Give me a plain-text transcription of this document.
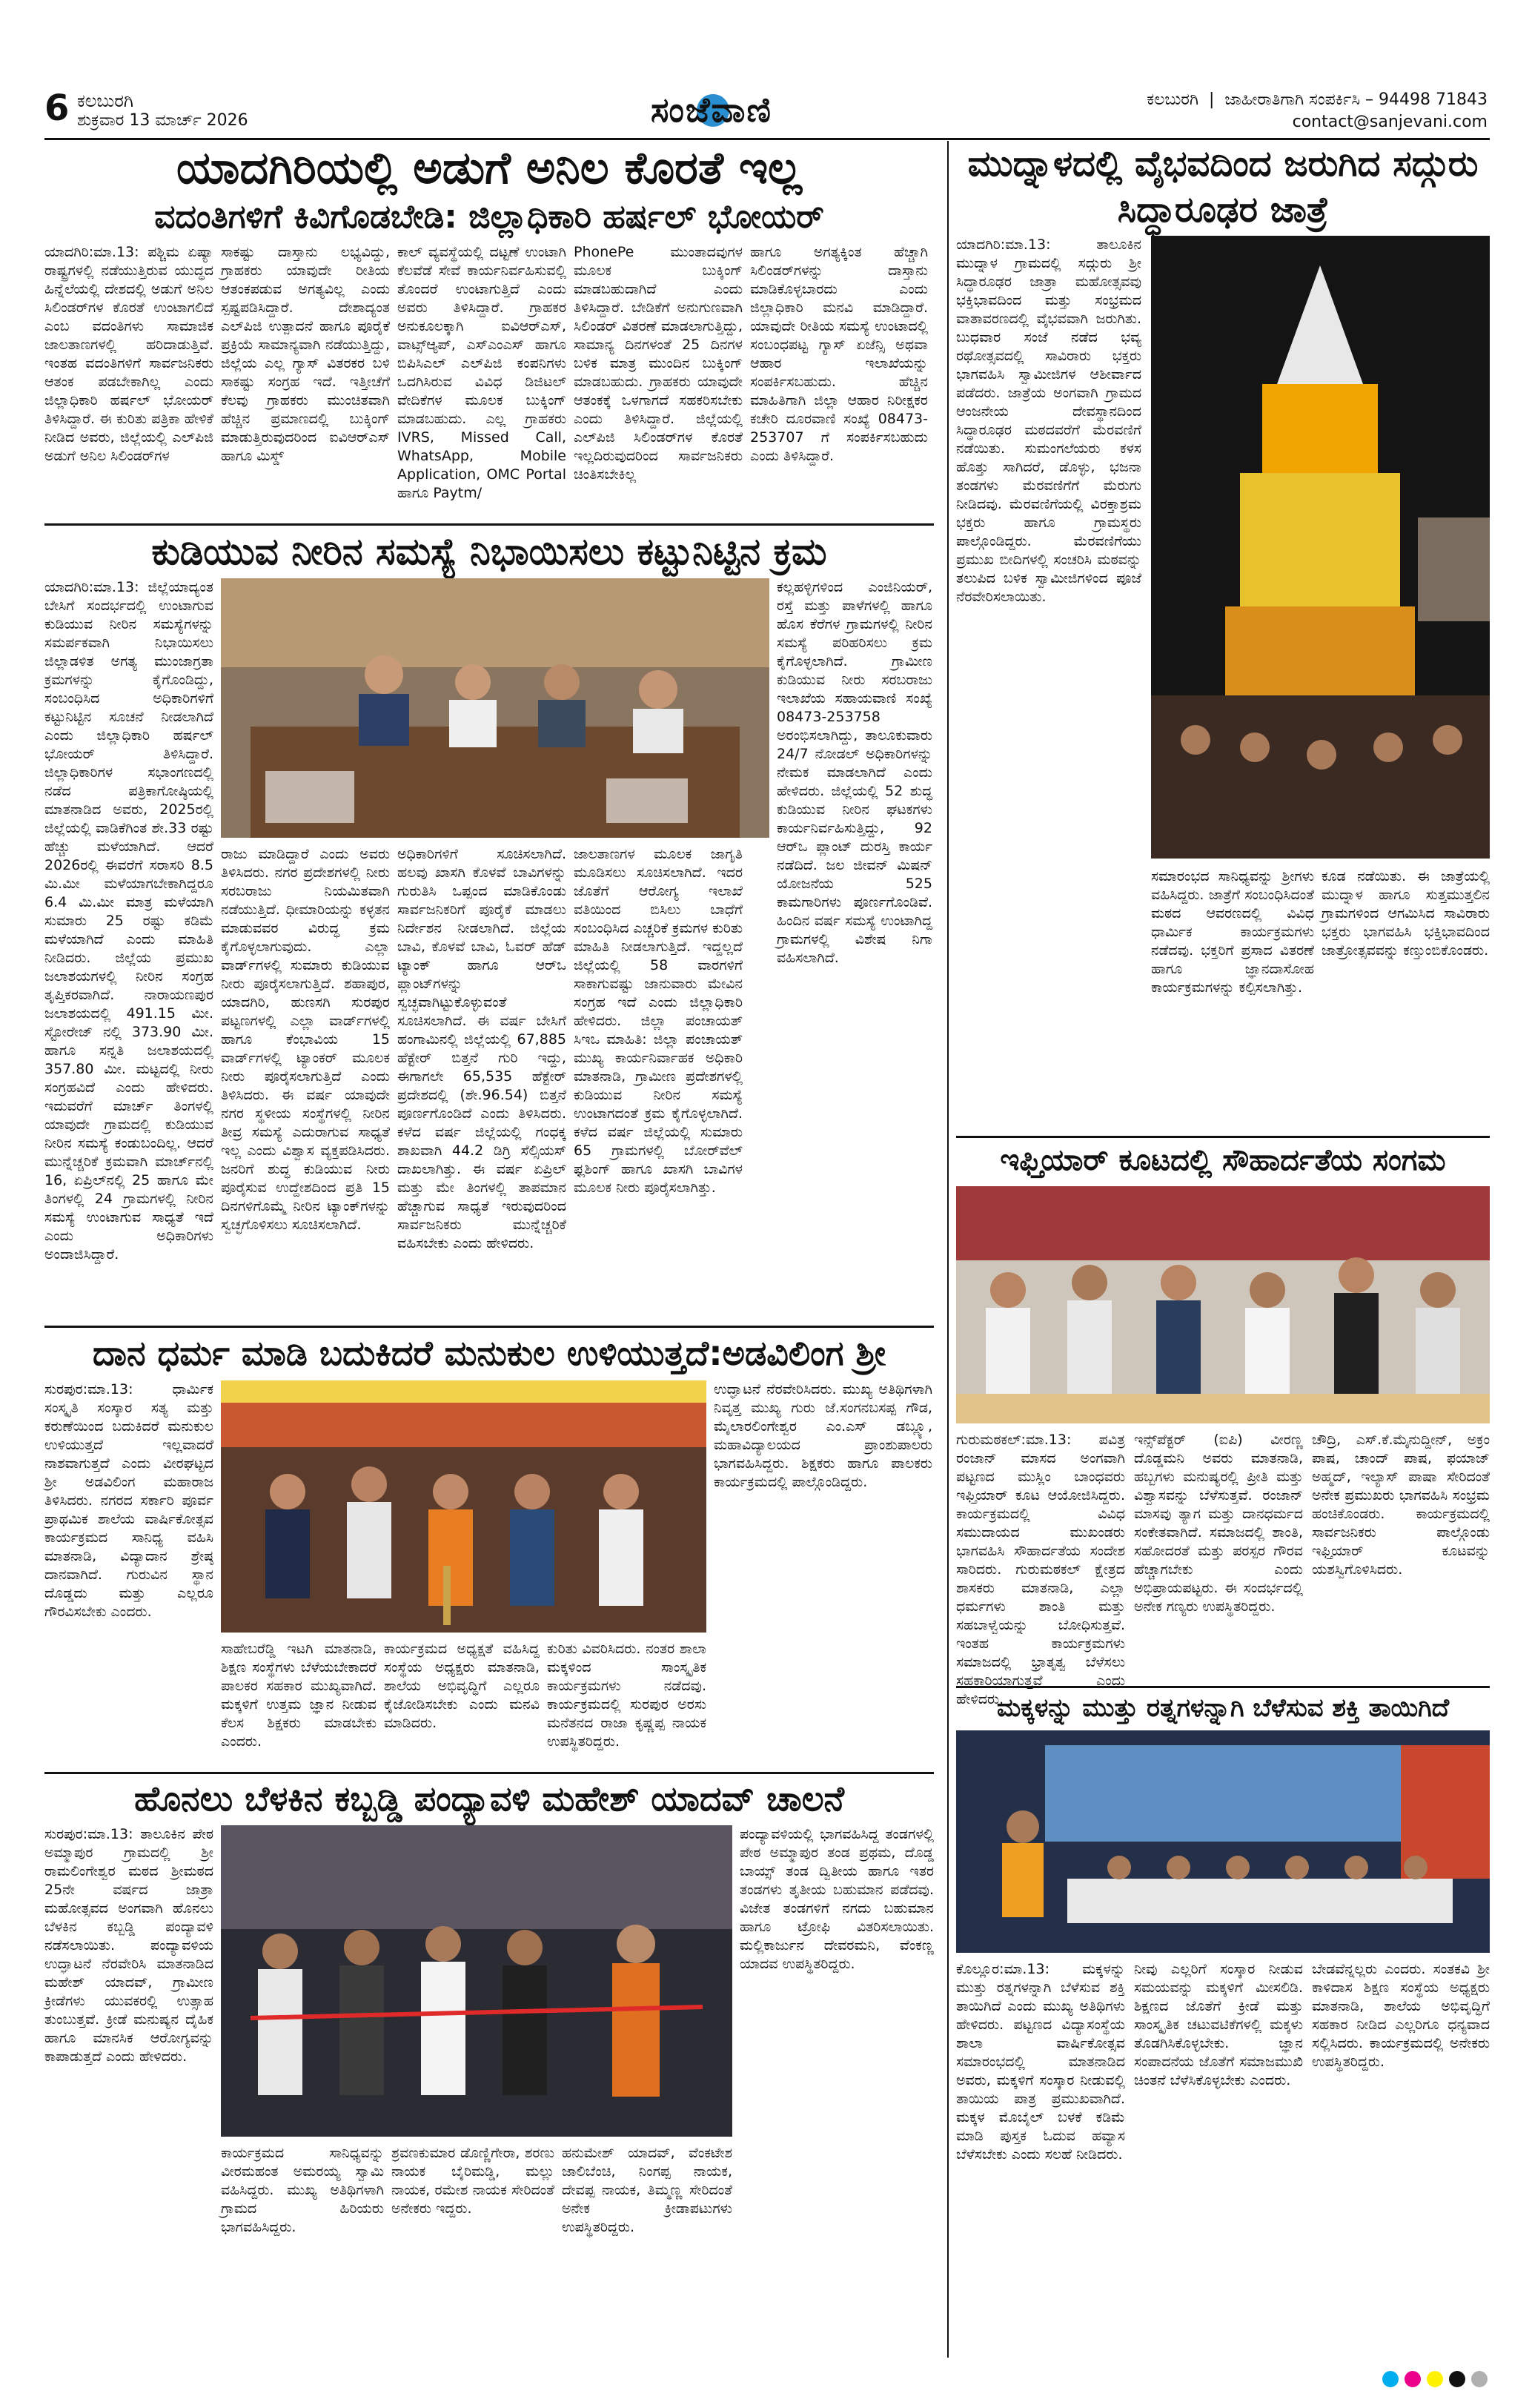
6 ಕಲಬುರಗಿ
ಶುಕ್ರವಾರ 13 ಮಾರ್ಚ್ 2026	ಸಂಜೆವಾಣಿ	ಕಲಬುರಗಿ  |  ಜಾಹೀರಾತಿಗಾಗಿ ಸಂಪರ್ಕಿಸಿ – 94498 71843
contact@sanjevani.com
ಯಾದಗಿರಿಯಲ್ಲಿ ಅಡುಗೆ ಅನಿಲ ಕೊರತೆ ಇಲ್ಲ
ವದಂತಿಗಳಿಗೆ ಕಿವಿಗೊಡಬೇಡಿ: ಜಿಲ್ಲಾಧಿಕಾರಿ ಹರ್ಷಲ್ ಭೋಯರ್
ಯಾದಗಿರಿ:ಮಾ.13: ಪಶ್ಚಿಮ ಏಷ್ಯಾ ರಾಷ್ಟ್ರಗಳಲ್ಲಿ ನಡೆಯುತ್ತಿರುವ ಯುದ್ಧದ ಹಿನ್ನೆಲೆಯಲ್ಲಿ ದೇಶದಲ್ಲಿ ಅಡುಗೆ ಅನಿಲ ಸಿಲಿಂಡರ್‌ಗಳ ಕೊರತೆ ಉಂಟಾಗಲಿದೆ ಎಂಬ ವದಂತಿಗಳು ಸಾಮಾಜಿಕ ಜಾಲತಾಣಗಳಲ್ಲಿ ಹರಿದಾಡುತ್ತಿವೆ. ಇಂತಹ ವದಂತಿಗಳಿಗೆ ಸಾರ್ವಜನಿಕರು ಆತಂಕ ಪಡಬೇಕಾಗಿಲ್ಲ ಎಂದು ಜಿಲ್ಲಾಧಿಕಾರಿ ಹರ್ಷಲ್ ಭೋಯರ್ ತಿಳಿಸಿದ್ದಾರೆ. ಈ ಕುರಿತು ಪತ್ರಿಕಾ ಹೇಳಿಕೆ ನೀಡಿದ ಅವರು, ಜಿಲ್ಲೆಯಲ್ಲಿ ಎಲ್‌ಪಿಜಿ ಅಡುಗೆ ಅನಿಲ ಸಿಲಿಂಡರ್‌ಗಳ
ಸಾಕಷ್ಟು ದಾಸ್ತಾನು ಲಭ್ಯವಿದ್ದು, ಗ್ರಾಹಕರು ಯಾವುದೇ ರೀತಿಯ ಆತಂಕಪಡುವ ಅಗತ್ಯವಿಲ್ಲ ಎಂದು ಸ್ಪಷ್ಟಪಡಿಸಿದ್ದಾರೆ. ದೇಶಾದ್ಯಂತ ಎಲ್‌ಪಿಜಿ ಉತ್ಪಾದನೆ ಹಾಗೂ ಪೂರೈಕೆ ಪ್ರಕ್ರಿಯೆ ಸಾಮಾನ್ಯವಾಗಿ ನಡೆಯುತ್ತಿದ್ದು, ಜಿಲ್ಲೆಯ ಎಲ್ಲ ಗ್ಯಾಸ್ ವಿತರಕರ ಬಳಿ ಸಾಕಷ್ಟು ಸಂಗ್ರಹ ಇದೆ. ಇತ್ತೀಚೆಗೆ ಕೆಲವು ಗ್ರಾಹಕರು ಮುಂಚಿತವಾಗಿ ಹೆಚ್ಚಿನ ಪ್ರಮಾಣದಲ್ಲಿ ಬುಕ್ಕಿಂಗ್ ಮಾಡುತ್ತಿರುವುದರಿಂದ ಐವಿಆರ್‌ಎಸ್ ಹಾಗೂ ಮಿಸ್ಡ್
ಕಾಲ್ ವ್ಯವಸ್ಥೆಯಲ್ಲಿ ದಟ್ಟಣೆ ಉಂಟಾಗಿ ಕೆಲವೆಡೆ ಸೇವೆ ಕಾರ್ಯನಿರ್ವಹಿಸುವಲ್ಲಿ ತೊಂದರೆ ಉಂಟಾಗುತ್ತಿದೆ ಎಂದು ಅವರು ತಿಳಿಸಿದ್ದಾರೆ. ಗ್ರಾಹಕರ ಅನುಕೂಲಕ್ಕಾಗಿ ಐವಿಆರ್‌ಎಸ್, ವಾಟ್ಸ್‌ಆ್ಯಪ್, ಎಸ್‌ಎಂಎಸ್ ಹಾಗೂ ಬಿಪಿಸಿಎಲ್ ಎಲ್‌ಪಿಜಿ ಕಂಪನಿಗಳು ಒದಗಿಸಿರುವ ವಿವಿಧ ಡಿಜಿಟಲ್ ವೇದಿಕೆಗಳ ಮೂಲಕ ಬುಕ್ಕಿಂಗ್ ಮಾಡಬಹುದು. ಎಲ್ಲ ಗ್ರಾಹಕರು IVRS, Missed Call, WhatsApp, Mobile Application, OMC Portal ಹಾಗೂ Paytm/
PhonePe ಮುಂತಾದವುಗಳ ಮೂಲಕ ಬುಕ್ಕಿಂಗ್ ಮಾಡಬಹುದಾಗಿದೆ ಎಂದು ತಿಳಿಸಿದ್ದಾರೆ. ಬೇಡಿಕೆಗೆ ಅನುಗುಣವಾಗಿ ಸಿಲಿಂಡರ್ ವಿತರಣೆ ಮಾಡಲಾಗುತ್ತಿದ್ದು, ಸಾಮಾನ್ಯ ದಿನಗಳಂತೆ 25 ದಿನಗಳ ಬಳಿಕ ಮಾತ್ರ ಮುಂದಿನ ಬುಕ್ಕಿಂಗ್ ಮಾಡಬಹುದು. ಗ್ರಾಹಕರು ಯಾವುದೇ ಆತಂಕಕ್ಕೆ ಒಳಗಾಗದೆ ಸಹಕರಿಸಬೇಕು ಎಂದು ತಿಳಿಸಿದ್ದಾರೆ. ಜಿಲ್ಲೆಯಲ್ಲಿ ಎಲ್‌ಪಿಜಿ ಸಿಲಿಂಡರ್‌ಗಳ ಕೊರತೆ ಇಲ್ಲದಿರುವುದರಿಂದ ಸಾರ್ವಜನಿಕರು ಚಿಂತಿಸಬೇಕಿಲ್ಲ
ಹಾಗೂ ಅಗತ್ಯಕ್ಕಿಂತ ಹೆಚ್ಚಾಗಿ ಸಿಲಿಂಡರ್‌ಗಳನ್ನು ದಾಸ್ತಾನು ಮಾಡಿಕೊಳ್ಳಬಾರದು ಎಂದು ಜಿಲ್ಲಾಧಿಕಾರಿ ಮನವಿ ಮಾಡಿದ್ದಾರೆ. ಯಾವುದೇ ರೀತಿಯ ಸಮಸ್ಯೆ ಉಂಟಾದಲ್ಲಿ ಸಂಬಂಧಪಟ್ಟ ಗ್ಯಾಸ್ ಏಜೆನ್ಸಿ ಅಥವಾ ಆಹಾರ ಇಲಾಖೆಯನ್ನು ಸಂಪರ್ಕಿಸಬಹುದು. ಹೆಚ್ಚಿನ ಮಾಹಿತಿಗಾಗಿ ಜಿಲ್ಲಾ ಆಹಾರ ನಿರೀಕ್ಷಕರ ಕಚೇರಿ ದೂರವಾಣಿ ಸಂಖ್ಯೆ 08473-253707 ಗೆ ಸಂಪರ್ಕಿಸಬಹುದು ಎಂದು ತಿಳಿಸಿದ್ದಾರೆ.
ಕುಡಿಯುವ ನೀರಿನ ಸಮಸ್ಯೆ ನಿಭಾಯಿಸಲು ಕಟ್ಟುನಿಟ್ಟಿನ ಕ್ರಮ
ಯಾದಗಿರಿ:ಮಾ.13: ಜಿಲ್ಲೆಯಾದ್ಯಂತ ಬೇಸಿಗೆ ಸಂದರ್ಭದಲ್ಲಿ ಉಂಟಾಗುವ ಕುಡಿಯುವ ನೀರಿನ ಸಮಸ್ಯೆಗಳನ್ನು ಸಮರ್ಪಕವಾಗಿ ನಿಭಾಯಿಸಲು ಜಿಲ್ಲಾಡಳಿತ ಅಗತ್ಯ ಮುಂಜಾಗ್ರತಾ ಕ್ರಮಗಳನ್ನು ಕೈಗೊಂಡಿದ್ದು, ಸಂಬಂಧಿಸಿದ ಅಧಿಕಾರಿಗಳಿಗೆ ಕಟ್ಟುನಿಟ್ಟಿನ ಸೂಚನೆ ನೀಡಲಾಗಿದೆ ಎಂದು ಜಿಲ್ಲಾಧಿಕಾರಿ ಹರ್ಷಲ್ ಭೋಯರ್ ತಿಳಿಸಿದ್ದಾರೆ. ಜಿಲ್ಲಾಧಿಕಾರಿಗಳ ಸಭಾಂಗಣದಲ್ಲಿ ನಡೆದ ಪತ್ರಿಕಾಗೋಷ್ಠಿಯಲ್ಲಿ ಮಾತನಾಡಿದ ಅವರು, 2025ರಲ್ಲಿ ಜಿಲ್ಲೆಯಲ್ಲಿ ವಾಡಿಕೆಗಿಂತ ಶೇ.33 ರಷ್ಟು ಹೆಚ್ಚು ಮಳೆಯಾಗಿದೆ. ಆದರೆ 2026ರಲ್ಲಿ ಈವರೆಗೆ ಸರಾಸರಿ 8.5 ಮಿ.ಮೀ ಮಳೆಯಾಗಬೇಕಾಗಿದ್ದರೂ 6.4 ಮಿ.ಮೀ ಮಾತ್ರ ಮಳೆಯಾಗಿ ಸುಮಾರು 25 ರಷ್ಟು ಕಡಿಮೆ ಮಳೆಯಾಗಿದೆ ಎಂದು ಮಾಹಿತಿ ನೀಡಿದರು. ಜಿಲ್ಲೆಯ ಪ್ರಮುಖ ಜಲಾಶಯಗಳಲ್ಲಿ ನೀರಿನ ಸಂಗ್ರಹ ತೃಪ್ತಿಕರವಾಗಿದೆ. ನಾರಾಯಣಪುರ ಜಲಾಶಯದಲ್ಲಿ 491.15 ಮೀ. ಸ್ಟೋರೇಜ್ ನಲ್ಲಿ 373.90 ಮೀ. ಹಾಗೂ ಸನ್ನತಿ ಜಲಾಶಯದಲ್ಲಿ 357.80 ಮೀ. ಮಟ್ಟದಲ್ಲಿ ನೀರು ಸಂಗ್ರಹವಿದೆ ಎಂದು ಹೇಳಿದರು. ಇದುವರೆಗೆ ಮಾರ್ಚ್ ತಿಂಗಳಲ್ಲಿ ಯಾವುದೇ ಗ್ರಾಮದಲ್ಲಿ ಕುಡಿಯುವ ನೀರಿನ ಸಮಸ್ಯೆ ಕಂಡುಬಂದಿಲ್ಲ. ಆದರೆ ಮುನ್ನೆಚ್ಚರಿಕೆ ಕ್ರಮವಾಗಿ ಮಾರ್ಚ್‌ನಲ್ಲಿ 16, ಏಪ್ರಿಲ್‌ನಲ್ಲಿ 25 ಹಾಗೂ ಮೇ ತಿಂಗಳಲ್ಲಿ 24 ಗ್ರಾಮಗಳಲ್ಲಿ ನೀರಿನ ಸಮಸ್ಯೆ ಉಂಟಾಗುವ ಸಾಧ್ಯತೆ ಇದೆ ಎಂದು ಅಧಿಕಾರಿಗಳು ಅಂದಾಜಿಸಿದ್ದಾರೆ.
ರಾಜು ಮಾಡಿದ್ದಾರೆ ಎಂದು ಅವರು ತಿಳಿಸಿದರು. ನಗರ ಪ್ರದೇಶಗಳಲ್ಲಿ ನೀರು ಸರಬರಾಜು ನಿಯಮಿತವಾಗಿ ನಡೆಯುತ್ತಿದೆ. ಧೀಮಾರಿಯನ್ನು ಕಳ್ಳತನ ಮಾಡುವವರ ವಿರುದ್ಧ ಕ್ರಮ ಕೈಗೊಳ್ಳಲಾಗುವುದು. ಎಲ್ಲಾ ವಾರ್ಡ್‌ಗಳಲ್ಲಿ ಸುಮಾರು ಕುಡಿಯುವ ನೀರು ಪೂರೈಸಲಾಗುತ್ತಿದೆ. ಶಹಾಪುರ, ಯಾದಗಿರಿ, ಹುಣಸಗಿ ಸುರಪುರ ಪಟ್ಟಣಗಳಲ್ಲಿ ಎಲ್ಲಾ ವಾರ್ಡ್‌ಗಳಲ್ಲಿ ಹಾಗೂ ಕೆಂಭಾವಿಯ 15 ವಾರ್ಡ್‌ಗಳಲ್ಲಿ ಟ್ಯಾಂಕರ್ ಮೂಲಕ ನೀರು ಪೂರೈಸಲಾಗುತ್ತಿದೆ ಎಂದು ತಿಳಿಸಿದರು. ಈ ವರ್ಷ ಯಾವುದೇ ನಗರ ಸ್ಥಳೀಯ ಸಂಸ್ಥೆಗಳಲ್ಲಿ ನೀರಿನ ತೀವ್ರ ಸಮಸ್ಯೆ ಎದುರಾಗುವ ಸಾಧ್ಯತೆ ಇಲ್ಲ ಎಂದು ವಿಶ್ವಾಸ ವ್ಯಕ್ತಪಡಿಸಿದರು. ಜನರಿಗೆ ಶುದ್ಧ ಕುಡಿಯುವ ನೀರು ಪೂರೈಸುವ ಉದ್ದೇಶದಿಂದ ಪ್ರತಿ 15 ದಿನಗಳಿಗೊಮ್ಮೆ ನೀರಿನ ಟ್ಯಾಂಕ್‌ಗಳನ್ನು ಸ್ವಚ್ಛಗೊಳಿಸಲು ಸೂಚಿಸಲಾಗಿದೆ.
ಅಧಿಕಾರಿಗಳಿಗೆ ಸೂಚಿಸಲಾಗಿದೆ. ಹಲವು ಖಾಸಗಿ ಕೊಳವೆ ಬಾವಿಗಳನ್ನು ಗುರುತಿಸಿ ಒಪ್ಪಂದ ಮಾಡಿಕೊಂಡು ಸಾರ್ವಜನಿಕರಿಗೆ ಪೂರೈಕೆ ಮಾಡಲು ನಿರ್ದೇಶನ ನೀಡಲಾಗಿದೆ. ಜಿಲ್ಲೆಯ ಬಾವಿ, ಕೊಳವೆ ಬಾವಿ, ಓವರ್ ಹೆಡ್ ಟ್ಯಾಂಕ್ ಹಾಗೂ ಆರ್‌ಒ ಪ್ಲಾಂಟ್‌ಗಳನ್ನು ಸ್ವಚ್ಛವಾಗಿಟ್ಟುಕೊಳ್ಳುವಂತೆ ಸೂಚಿಸಲಾಗಿದೆ. ಈ ವರ್ಷ ಬೇಸಿಗೆ ಹಂಗಾಮಿನಲ್ಲಿ ಜಿಲ್ಲೆಯಲ್ಲಿ 67,885 ಹೆಕ್ಟೇರ್ ಬಿತ್ತನೆ ಗುರಿ ಇದ್ದು, ಈಗಾಗಲೇ 65,535 ಹೆಕ್ಟೇರ್ ಪ್ರದೇಶದಲ್ಲಿ (ಶೇ.96.54) ಬಿತ್ತನೆ ಪೂರ್ಣಗೊಂಡಿದೆ ಎಂದು ತಿಳಿಸಿದರು. ಕಳೆದ ವರ್ಷ ಜಿಲ್ಲೆಯಲ್ಲಿ ಗಂಧಕ್ಕ ಶಾಖವಾಗಿ 44.2 ಡಿಗ್ರಿ ಸೆಲ್ಸಿಯಸ್ ದಾಖಲಾಗಿತ್ತು. ಈ ವರ್ಷ ಏಪ್ರಿಲ್ ಮತ್ತು ಮೇ ತಿಂಗಳಲ್ಲಿ ತಾಪಮಾನ ಹೆಚ್ಚಾಗುವ ಸಾಧ್ಯತೆ ಇರುವುದರಿಂದ ಸಾರ್ವಜನಿಕರು ಮುನ್ನೆಚ್ಚರಿಕೆ ವಹಿಸಬೇಕು ಎಂದು ಹೇಳಿದರು.
ಜಾಲತಾಣಗಳ ಮೂಲಕ ಜಾಗೃತಿ ಮೂಡಿಸಲು ಸೂಚಿಸಲಾಗಿದೆ. ಇದರ ಜೊತೆಗೆ ಆರೋಗ್ಯ ಇಲಾಖೆ ವತಿಯಿಂದ ಬಿಸಿಲು ಬಾಧೆಗೆ ಸಂಬಂಧಿಸಿದ ಎಚ್ಚರಿಕೆ ಕ್ರಮಗಳ ಕುರಿತು ಮಾಹಿತಿ ನೀಡಲಾಗುತ್ತಿದೆ. ಇದ್ದಲ್ಲದೆ ಜಿಲ್ಲೆಯಲ್ಲಿ 58 ವಾರಗಳಿಗೆ ಸಾಕಾಗುವಷ್ಟು ಜಾನುವಾರು ಮೇವಿನ ಸಂಗ್ರಹ ಇದೆ ಎಂದು ಜಿಲ್ಲಾಧಿಕಾರಿ ಹೇಳಿದರು. ಜಿಲ್ಲಾ ಪಂಚಾಯತ್ ಸಿಇಒ ಮಾಹಿತಿ: ಜಿಲ್ಲಾ ಪಂಚಾಯತ್ ಮುಖ್ಯ ಕಾರ್ಯನಿರ್ವಾಹಕ ಅಧಿಕಾರಿ ಮಾತನಾಡಿ, ಗ್ರಾಮೀಣ ಪ್ರದೇಶಗಳಲ್ಲಿ ಕುಡಿಯುವ ನೀರಿನ ಸಮಸ್ಯೆ ಉಂಟಾಗದಂತೆ ಕ್ರಮ ಕೈಗೊಳ್ಳಲಾಗಿದೆ. ಕಳೆದ ವರ್ಷ ಜಿಲ್ಲೆಯಲ್ಲಿ ಸುಮಾರು 65 ಗ್ರಾಮಗಳಲ್ಲಿ ಬೋರ್‌ವೆಲ್ ಫ್ಲಶಿಂಗ್ ಹಾಗೂ ಖಾಸಗಿ ಬಾವಿಗಳ ಮೂಲಕ ನೀರು ಪೂರೈಸಲಾಗಿತ್ತು.
ಕಲ್ಲಹಳ್ಳಿಗಳಿಂದ ಎಂಜಿನಿಯರ್, ರಸ್ತೆ ಮತ್ತು ಪಾಳೆಗಳಲ್ಲಿ ಹಾಗೂ ಹೊಸ ಕೆರೆಗಳ ಗ್ರಾಮಗಳಲ್ಲಿ ನೀರಿನ ಸಮಸ್ಯೆ ಪರಿಹರಿಸಲು ಕ್ರಮ ಕೈಗೊಳ್ಳಲಾಗಿದೆ. ಗ್ರಾಮೀಣ ಕುಡಿಯುವ ನೀರು ಸರಬರಾಜು ಇಲಾಖೆಯ ಸಹಾಯವಾಣಿ ಸಂಖ್ಯೆ 08473-253758 ಅರಂಭಿಸಲಾಗಿದ್ದು, ತಾಲೂಕುವಾರು 24/7 ನೋಡಲ್ ಅಧಿಕಾರಿಗಳನ್ನು ನೇಮಕ ಮಾಡಲಾಗಿದೆ ಎಂದು ಹೇಳಿದರು. ಜಿಲ್ಲೆಯಲ್ಲಿ 52 ಶುದ್ಧ ಕುಡಿಯುವ ನೀರಿನ ಘಟಕಗಳು ಕಾರ್ಯನಿರ್ವಹಿಸುತ್ತಿದ್ದು, 92 ಆರ್‌ಒ ಪ್ಲಾಂಟ್ ದುರಸ್ತಿ ಕಾರ್ಯ ನಡೆದಿದೆ. ಜಲ ಜೀವನ್ ಮಿಷನ್ ಯೋಜನೆಯ 525 ಕಾಮಗಾರಿಗಳು ಪೂರ್ಣಗೊಂಡಿವೆ. ಹಿಂದಿನ ವರ್ಷ ಸಮಸ್ಯೆ ಉಂಟಾಗಿದ್ದ ಗ್ರಾಮಗಳಲ್ಲಿ ವಿಶೇಷ ನಿಗಾ ವಹಿಸಲಾಗಿದೆ.
ದಾನ ಧರ್ಮ ಮಾಡಿ ಬದುಕಿದರೆ ಮನುಕುಲ ಉಳಿಯುತ್ತದೆ:ಅಡವಿಲಿಂಗ ಶ್ರೀ
ಸುರಪುರ:ಮಾ.13: ಧಾರ್ಮಿಕ ಸಂಸ್ಕೃತಿ ಸಂಸ್ಕಾರ ಸತ್ಯ ಮತ್ತು ಕರುಣೆಯಿಂದ ಬದುಕಿದರೆ ಮನುಕುಲ ಉಳಿಯುತ್ತದೆ ಇಲ್ಲವಾದರೆ ನಾಶವಾಗುತ್ತದೆ ಎಂದು ವೀರಘಟ್ಟದ ಶ್ರೀ ಅಡವಿಲಿಂಗ ಮಹಾರಾಜ ತಿಳಿಸಿದರು. ನಗರದ ಸರ್ಕಾರಿ ಪೂರ್ವ ಪ್ರಾಥಮಿಕ ಶಾಲೆಯ ವಾರ್ಷಿಕೋತ್ಸವ ಕಾರ್ಯಕ್ರಮದ ಸಾನಿಧ್ಯ ವಹಿಸಿ ಮಾತನಾಡಿ, ವಿದ್ಯಾದಾನ ಶ್ರೇಷ್ಠ ದಾನವಾಗಿದೆ. ಗುರುವಿನ ಸ್ಥಾನ ದೊಡ್ಡದು ಮತ್ತು ಎಲ್ಲರೂ ಗೌರವಿಸಬೇಕು ಎಂದರು.
ಸಾಹೇಬರೆಡ್ಡಿ ಇಟಗಿ ಮಾತನಾಡಿ, ಶಿಕ್ಷಣ ಸಂಸ್ಥೆಗಳು ಬೆಳೆಯಬೇಕಾದರೆ ಪಾಲಕರ ಸಹಕಾರ ಮುಖ್ಯವಾಗಿದೆ. ಮಕ್ಕಳಿಗೆ ಉತ್ತಮ ಜ್ಞಾನ ನೀಡುವ ಕೆಲಸ ಶಿಕ್ಷಕರು ಮಾಡಬೇಕು ಎಂದರು.
ಕಾರ್ಯಕ್ರಮದ ಅಧ್ಯಕ್ಷತೆ ವಹಿಸಿದ್ದ ಸಂಸ್ಥೆಯ ಅಧ್ಯಕ್ಷರು ಮಾತನಾಡಿ, ಶಾಲೆಯ ಅಭಿವೃದ್ಧಿಗೆ ಎಲ್ಲರೂ ಕೈಜೋಡಿಸಬೇಕು ಎಂದು ಮನವಿ ಮಾಡಿದರು.
ಕುರಿತು ವಿವರಿಸಿದರು. ನಂತರ ಶಾಲಾ ಮಕ್ಕಳಿಂದ ಸಾಂಸ್ಕೃತಿಕ ಕಾರ್ಯಕ್ರಮಗಳು ನಡೆದವು. ಕಾರ್ಯಕ್ರಮದಲ್ಲಿ ಸುರಪುರ ಅರಸು ಮನೆತನದ ರಾಜಾ ಕೃಷ್ಣಪ್ಪ ನಾಯಕ ಉಪಸ್ಥಿತರಿದ್ದರು.
ಉದ್ಘಾಟನೆ ನೆರವೇರಿಸಿದರು. ಮುಖ್ಯ ಅತಿಥಿಗಳಾಗಿ ನಿವೃತ್ತ ಮುಖ್ಯ ಗುರು ಜೆ.ಸಂಗನಬಸಪ್ಪ ಗೌಡ, ಮೈಲಾರಲಿಂಗೇಶ್ವರ ಎಂ.ಎಸ್ ಡಬ್ಲ್ಯೂ, ಮಹಾವಿದ್ಯಾಲಯದ ಪ್ರಾಂಶುಪಾಲರು ಭಾಗವಹಿಸಿದ್ದರು. ಶಿಕ್ಷಕರು ಹಾಗೂ ಪಾಲಕರು ಕಾರ್ಯಕ್ರಮದಲ್ಲಿ ಪಾಲ್ಗೊಂಡಿದ್ದರು.
ಹೊನಲು ಬೆಳಕಿನ ಕಬ್ಬಡ್ಡಿ ಪಂದ್ಯಾವಳಿ ಮಹೇಶ್ ಯಾದವ್ ಚಾಲನೆ
ಸುರಪುರ:ಮಾ.13: ತಾಲೂಕಿನ ಪೇಠ ಅಮ್ಮಾಪುರ ಗ್ರಾಮದಲ್ಲಿ ಶ್ರೀ ರಾಮಲಿಂಗೇಶ್ವರ ಮಠದ ಶ್ರೀಮಠದ 25ನೇ ವರ್ಷದ ಜಾತ್ರಾ ಮಹೋತ್ಸವದ ಅಂಗವಾಗಿ ಹೊನಲು ಬೆಳಕಿನ ಕಬ್ಬಡ್ಡಿ ಪಂದ್ಯಾವಳಿ ನಡೆಸಲಾಯಿತು. ಪಂದ್ಯಾವಳಿಯ ಉದ್ಘಾಟನೆ ನೆರವೇರಿಸಿ ಮಾತನಾಡಿದ ಮಹೇಶ್ ಯಾದವ್, ಗ್ರಾಮೀಣ ಕ್ರೀಡೆಗಳು ಯುವಕರಲ್ಲಿ ಉತ್ಸಾಹ ತುಂಬುತ್ತವೆ. ಕ್ರೀಡೆ ಮನುಷ್ಯನ ದೈಹಿಕ ಹಾಗೂ ಮಾನಸಿಕ ಆರೋಗ್ಯವನ್ನು ಕಾಪಾಡುತ್ತದೆ ಎಂದು ಹೇಳಿದರು.
ಕಾರ್ಯಕ್ರಮದ ಸಾನಿಧ್ಯವನ್ನು ವೀರಮಹಂತ ಅಮರಯ್ಯ ಸ್ವಾಮಿ ವಹಿಸಿದ್ದರು. ಮುಖ್ಯ ಅತಿಥಿಗಳಾಗಿ ಗ್ರಾಮದ ಹಿರಿಯರು ಭಾಗವಹಿಸಿದ್ದರು.
ಶ್ರವಣಕುಮಾರ ಡೊಣ್ಣಿಗೇರಾ, ಶರಣು ನಾಯಕ ಬೈರಿಮಡ್ಡಿ, ಮಲ್ಲು ನಾಯಕ, ರಮೇಶ ನಾಯಕ ಸೇರಿದಂತೆ ಅನೇಕರು ಇದ್ದರು.
ಹನುಮೇಶ್ ಯಾದವ್, ವೆಂಕಟೇಶ ಜಾಲಿಬೆಂಚಿ, ನಿಂಗಪ್ಪ ನಾಯಕ, ದೇವಪ್ಪ ನಾಯಕ, ತಿಮ್ಮಣ್ಣ ಸೇರಿದಂತೆ ಅನೇಕ ಕ್ರೀಡಾಪಟುಗಳು ಉಪಸ್ಥಿತರಿದ್ದರು.
ಪಂದ್ಯಾವಳಿಯಲ್ಲಿ ಭಾಗವಹಿಸಿದ್ದ ತಂಡಗಳಲ್ಲಿ ಪೇಠ ಅಮ್ಮಾಪುರ ತಂಡ ಪ್ರಥಮ, ದೊಡ್ಡ ಬಾಯ್ಸ್ ತಂಡ ದ್ವಿತೀಯ ಹಾಗೂ ಇತರ ತಂಡಗಳು ತೃತೀಯ ಬಹುಮಾನ ಪಡೆದವು. ವಿಜೇತ ತಂಡಗಳಿಗೆ ನಗದು ಬಹುಮಾನ ಹಾಗೂ ಟ್ರೋಫಿ ವಿತರಿಸಲಾಯಿತು. ಮಲ್ಲಿಕಾರ್ಜುನ ದೇವರಮನಿ, ವೆಂಕಣ್ಣ ಯಾದವ ಉಪಸ್ಥಿತರಿದ್ದರು.
ಮುದ್ನಾಳದಲ್ಲಿ ವೈಭವದಿಂದ ಜರುಗಿದ ಸದ್ಗುರು ಸಿದ್ಧಾರೂಢರ ಜಾತ್ರೆ
ಯಾದಗಿರಿ:ಮಾ.13: ತಾಲೂಕಿನ ಮುದ್ನಾಳ ಗ್ರಾಮದಲ್ಲಿ ಸದ್ಗುರು ಶ್ರೀ ಸಿದ್ಧಾರೂಢರ ಜಾತ್ರಾ ಮಹೋತ್ಸವವು ಭಕ್ತಿಭಾವದಿಂದ ಮತ್ತು ಸಂಭ್ರಮದ ವಾತಾವರಣದಲ್ಲಿ ವೈಭವವಾಗಿ ಜರುಗಿತು. ಬುಧವಾರ ಸಂಜೆ ನಡೆದ ಭವ್ಯ ರಥೋತ್ಸವದಲ್ಲಿ ಸಾವಿರಾರು ಭಕ್ತರು ಭಾಗವಹಿಸಿ ಸ್ವಾಮೀಜಿಗಳ ಆಶೀರ್ವಾದ ಪಡೆದರು. ಜಾತ್ರೆಯ ಅಂಗವಾಗಿ ಗ್ರಾಮದ ಆಂಜನೇಯ ದೇವಸ್ಥಾನದಿಂದ ಸಿದ್ಧಾರೂಢರ ಮಠದವರೆಗೆ ಮೆರವಣಿಗೆ ನಡೆಯಿತು. ಸುಮಂಗಲೆಯರು ಕಳಸ ಹೊತ್ತು ಸಾಗಿದರೆ, ಡೊಳ್ಳು, ಭಜನಾ ತಂಡಗಳು ಮೆರವಣಿಗೆಗೆ ಮೆರುಗು ನೀಡಿದವು. ಮೆರವಣಿಗೆಯಲ್ಲಿ ವಿರಕ್ತಾಶ್ರಮ ಭಕ್ತರು ಹಾಗೂ ಗ್ರಾಮಸ್ಥರು ಪಾಲ್ಗೊಂಡಿದ್ದರು. ಮೆರವಣಿಗೆಯು ಪ್ರಮುಖ ಬೀದಿಗಳಲ್ಲಿ ಸಂಚರಿಸಿ ಮಠವನ್ನು ತಲುಪಿದ ಬಳಿಕ ಸ್ವಾಮೀಜಿಗಳಿಂದ ಪೂಜೆ ನೆರವೇರಿಸಲಾಯಿತು.
ಸಮಾರಂಭದ ಸಾನಿಧ್ಯವನ್ನು ಶ್ರೀಗಳು ವಹಿಸಿದ್ದರು. ಜಾತ್ರೆಗೆ ಸಂಬಂಧಿಸಿದಂತೆ ಮಠದ ಆವರಣದಲ್ಲಿ ವಿವಿಧ ಧಾರ್ಮಿಕ ಕಾರ್ಯಕ್ರಮಗಳು ನಡೆದವು. ಭಕ್ತರಿಗೆ ಪ್ರಸಾದ ವಿತರಣೆ ಹಾಗೂ ಜ್ಞಾನದಾಸೋಹ ಕಾರ್ಯಕ್ರಮಗಳನ್ನು ಕಲ್ಪಿಸಲಾಗಿತ್ತು.
ಕೂಡ ನಡೆಯಿತು. ಈ ಜಾತ್ರೆಯಲ್ಲಿ ಮುದ್ನಾಳ ಹಾಗೂ ಸುತ್ತಮುತ್ತಲಿನ ಗ್ರಾಮಗಳಿಂದ ಆಗಮಿಸಿದ ಸಾವಿರಾರು ಭಕ್ತರು ಭಾಗವಹಿಸಿ ಭಕ್ತಿಭಾವದಿಂದ ಜಾತ್ರೋತ್ಸವವನ್ನು ಕಣ್ತುಂಬಿಕೊಂಡರು.
ಇಫ್ತಿಯಾರ್ ಕೂಟದಲ್ಲಿ ಸೌಹಾರ್ದತೆಯ ಸಂಗಮ
ಗುರುಮಠಕಲ್:ಮಾ.13: ಪವಿತ್ರ ರಂಜಾನ್ ಮಾಸದ ಅಂಗವಾಗಿ ಪಟ್ಟಣದ ಮುಸ್ಲಿಂ ಬಾಂಧವರು ಇಫ್ತಿಯಾರ್ ಕೂಟ ಆಯೋಜಿಸಿದ್ದರು. ಕಾರ್ಯಕ್ರಮದಲ್ಲಿ ವಿವಿಧ ಸಮುದಾಯದ ಮುಖಂಡರು ಭಾಗವಹಿಸಿ ಸೌಹಾರ್ದತೆಯ ಸಂದೇಶ ಸಾರಿದರು. ಗುರುಮಠಕಲ್ ಕ್ಷೇತ್ರದ ಶಾಸಕರು ಮಾತನಾಡಿ, ಎಲ್ಲಾ ಧರ್ಮಗಳು ಶಾಂತಿ ಮತ್ತು ಸಹಬಾಳ್ವೆಯನ್ನು ಬೋಧಿಸುತ್ತವೆ. ಇಂತಹ ಕಾರ್ಯಕ್ರಮಗಳು ಸಮಾಜದಲ್ಲಿ ಭ್ರಾತೃತ್ವ ಬೆಳೆಸಲು ಸಹಕಾರಿಯಾಗುತ್ತವೆ ಎಂದು ಹೇಳಿದರು.
ಇನ್ಸ್‌ಪೆಕ್ಟರ್ (ಐಪಿ) ವೀರಣ್ಣ ದೊಡ್ಡಮನಿ ಅವರು ಮಾತನಾಡಿ, ಹಬ್ಬಗಳು ಮನುಷ್ಯರಲ್ಲಿ ಪ್ರೀತಿ ಮತ್ತು ವಿಶ್ವಾಸವನ್ನು ಬೆಳೆಸುತ್ತವೆ. ರಂಜಾನ್ ಮಾಸವು ತ್ಯಾಗ ಮತ್ತು ದಾನಧರ್ಮದ ಸಂಕೇತವಾಗಿದೆ. ಸಮಾಜದಲ್ಲಿ ಶಾಂತಿ, ಸಹೋದರತೆ ಮತ್ತು ಪರಸ್ಪರ ಗೌರವ ಹೆಚ್ಚಾಗಬೇಕು ಎಂದು ಅಭಿಪ್ರಾಯಪಟ್ಟರು. ಈ ಸಂದರ್ಭದಲ್ಲಿ ಅನೇಕ ಗಣ್ಯರು ಉಪಸ್ಥಿತರಿದ್ದರು.
ಚೌದ್ರಿ, ಎಸ್.ಕೆ.ಮೈನುದ್ದೀನ್, ಅಕ್ರಂ ಪಾಷ, ಚಾಂದ್ ಪಾಷ, ಫಯಾಜ್ ಅಹ್ಮದ್, ಇಲ್ಯಾಸ್ ಪಾಷಾ ಸೇರಿದಂತೆ ಅನೇಕ ಪ್ರಮುಖರು ಭಾಗವಹಿಸಿ ಸಂಭ್ರಮ ಹಂಚಿಕೊಂಡರು. ಕಾರ್ಯಕ್ರಮದಲ್ಲಿ ಸಾರ್ವಜನಿಕರು ಪಾಲ್ಗೊಂಡು ಇಫ್ತಿಯಾರ್ ಕೂಟವನ್ನು ಯಶಸ್ವಿಗೊಳಿಸಿದರು.
ಮಕ್ಕಳನ್ನು ಮುತ್ತು ರತ್ನಗಳನ್ನಾಗಿ ಬೆಳೆಸುವ ಶಕ್ತಿ ತಾಯಿಗಿದೆ
ಕೊಲ್ಲೂರ:ಮಾ.13: ಮಕ್ಕಳನ್ನು ಮುತ್ತು ರತ್ನಗಳನ್ನಾಗಿ ಬೆಳೆಸುವ ಶಕ್ತಿ ತಾಯಿಗಿದೆ ಎಂದು ಮುಖ್ಯ ಅತಿಥಿಗಳು ಹೇಳಿದರು. ಪಟ್ಟಣದ ವಿದ್ಯಾಸಂಸ್ಥೆಯ ಶಾಲಾ ವಾರ್ಷಿಕೋತ್ಸವ ಸಮಾರಂಭದಲ್ಲಿ ಮಾತನಾಡಿದ ಅವರು, ಮಕ್ಕಳಿಗೆ ಸಂಸ್ಕಾರ ನೀಡುವಲ್ಲಿ ತಾಯಿಯ ಪಾತ್ರ ಪ್ರಮುಖವಾಗಿದೆ. ಮಕ್ಕಳ ಮೊಬೈಲ್ ಬಳಕೆ ಕಡಿಮೆ ಮಾಡಿ ಪುಸ್ತಕ ಓದುವ ಹವ್ಯಾಸ ಬೆಳೆಸಬೇಕು ಎಂದು ಸಲಹೆ ನೀಡಿದರು.
ನೀವು ಎಲ್ಲರಿಗೆ ಸಂಸ್ಕಾರ ನೀಡುವ ಸಮಯವನ್ನು ಮಕ್ಕಳಿಗೆ ಮೀಸಲಿಡಿ. ಶಿಕ್ಷಣದ ಜೊತೆಗೆ ಕ್ರೀಡೆ ಮತ್ತು ಸಾಂಸ್ಕೃತಿಕ ಚಟುವಟಿಕೆಗಳಲ್ಲಿ ಮಕ್ಕಳು ತೊಡಗಿಸಿಕೊಳ್ಳಬೇಕು. ಜ್ಞಾನ ಸಂಪಾದನೆಯ ಜೊತೆಗೆ ಸಮಾಜಮುಖಿ ಚಿಂತನೆ ಬೆಳೆಸಿಕೊಳ್ಳಬೇಕು ಎಂದರು.
ಬೇಡವೆನ್ನಲ್ಲರು ಎಂದರು. ಸಂತಕವಿ ಶ್ರೀ ಕಾಳಿದಾಸ ಶಿಕ್ಷಣ ಸಂಸ್ಥೆಯ ಅಧ್ಯಕ್ಷರು ಮಾತನಾಡಿ, ಶಾಲೆಯ ಅಭಿವೃದ್ಧಿಗೆ ಸಹಕಾರ ನೀಡಿದ ಎಲ್ಲರಿಗೂ ಧನ್ಯವಾದ ಸಲ್ಲಿಸಿದರು. ಕಾರ್ಯಕ್ರಮದಲ್ಲಿ ಅನೇಕರು ಉಪಸ್ಥಿತರಿದ್ದರು.
